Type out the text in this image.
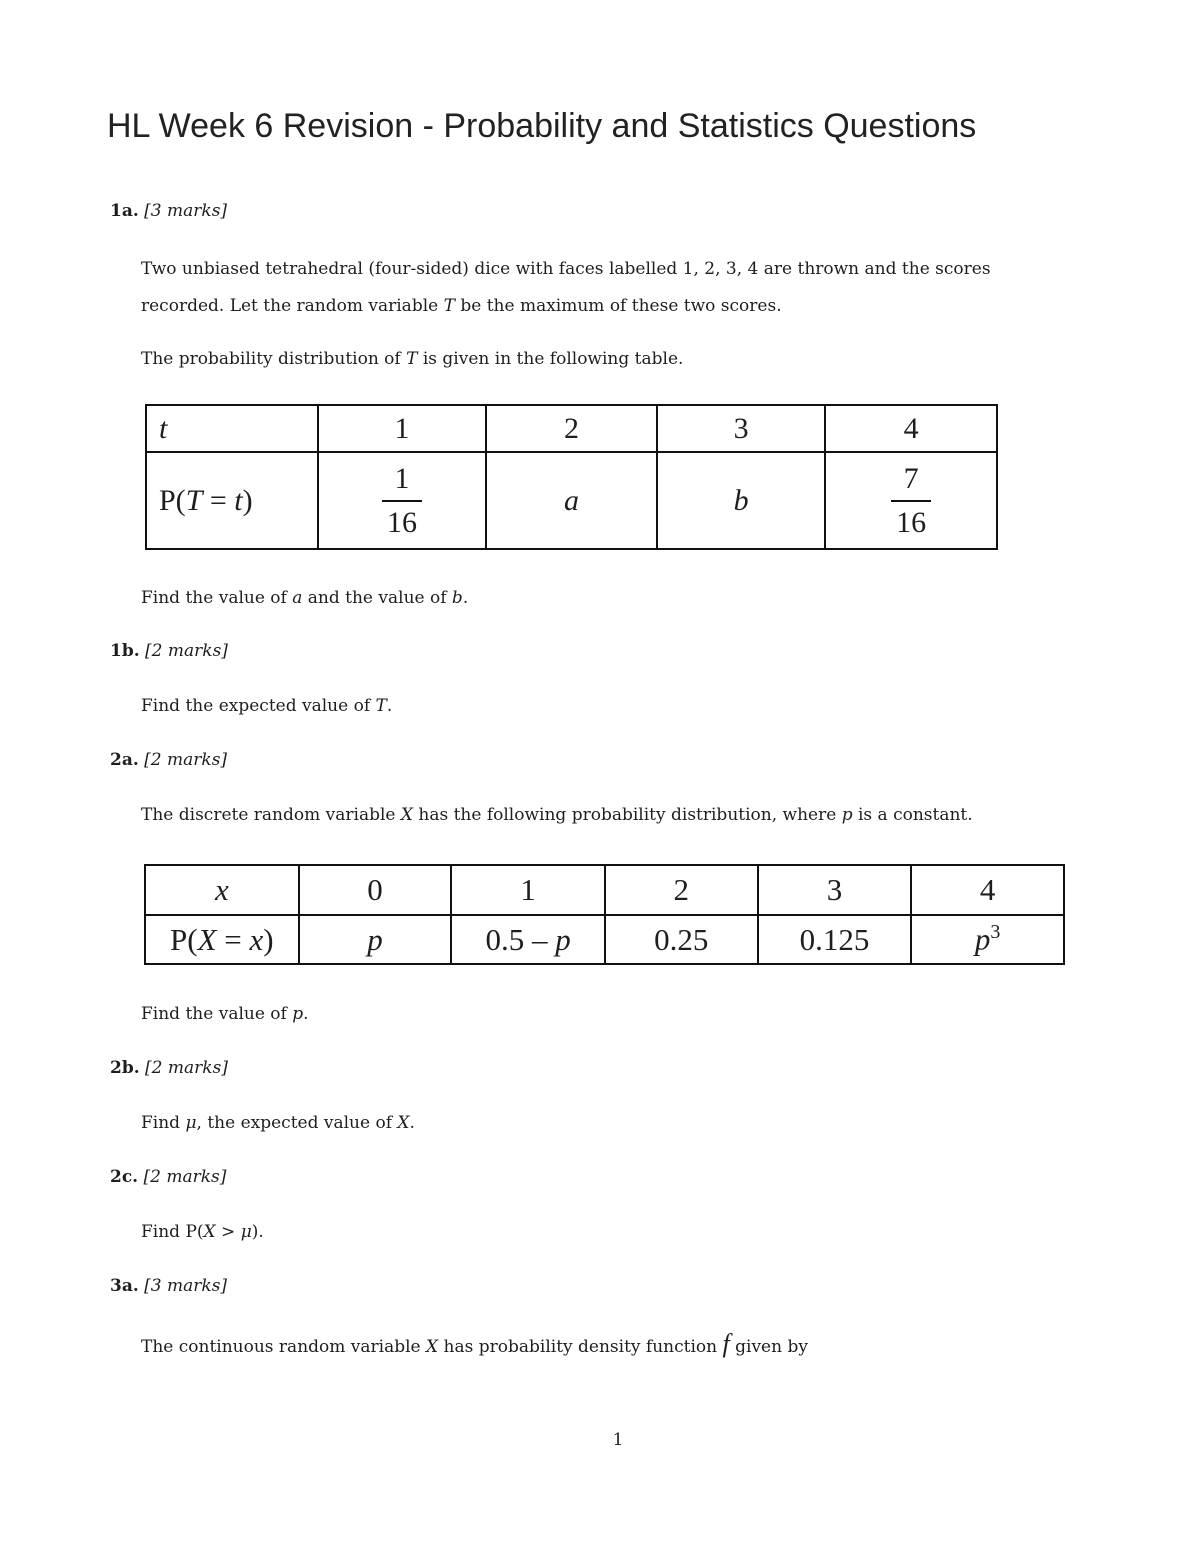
HL Week 6 Revision - Probability and Statistics Questions
1a. [3 marks]
Two unbiased tetrahedral (four-sided) dice with faces labelled 1, 2, 3, 4 are thrown and the scores
recorded. Let the random variable T be the maximum of these two scores.
The probability distribution of T is given in the following table.
t	1	2	3	4
P(T = t)	$\frac{1}{16}$	a	b	$\frac{7}{16}$
Find the value of a and the value of b.
1b. [2 marks]
Find the expected value of T.
2a. [2 marks]
The discrete random variable X has the following probability distribution, where p is a constant.
x	0	1	2	3	4
P(X = x)	p	0.5 – p	0.25	0.125	$p^3$
Find the value of p.
2b. [2 marks]
Find μ, the expected value of X.
2c. [2 marks]
Find P(X > μ).
3a. [3 marks]
The continuous random variable X has probability density function f given by
1
